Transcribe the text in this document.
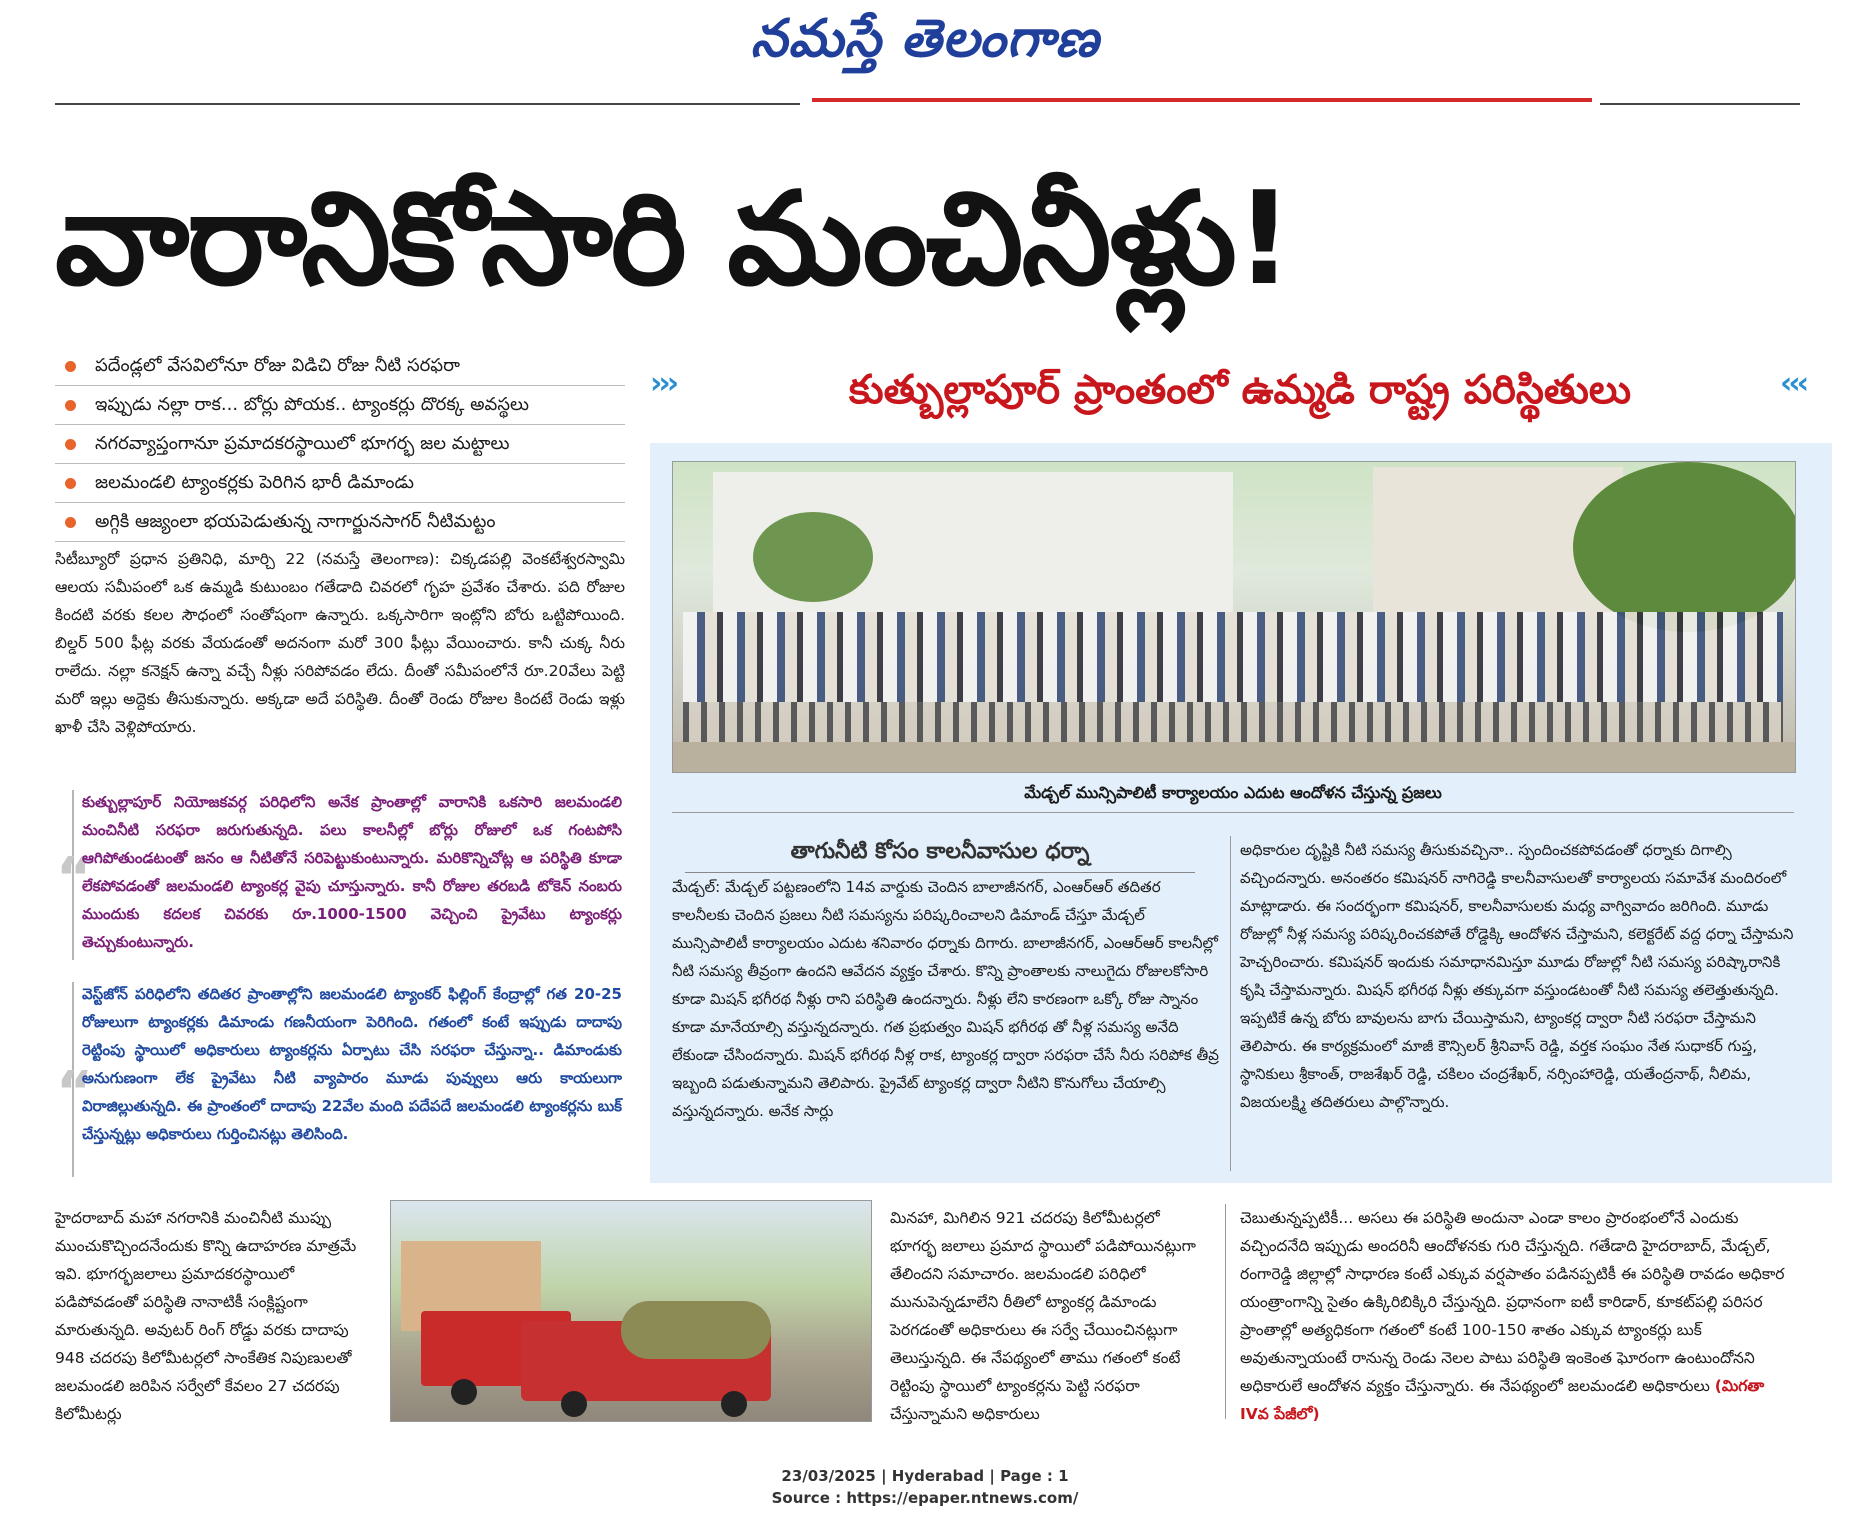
నమస్తే తెలంగాణ
వారానికోసారి మంచినీళ్లు!
పదేండ్లలో వేసవిలోనూ రోజు విడిచి రోజు నీటి సరఫరా
ఇప్పుడు నల్లా రాక... బోర్లు పోయక.. ట్యాంకర్లు దొరక్క అవస్థలు
నగరవ్యాప్తంగానూ ప్రమాదకరస్థాయిలో భూగర్భ జల మట్టాలు
జలమండలి ట్యాంకర్లకు పెరిగిన భారీ డిమాండు
అగ్గికి ఆజ్యంలా భయపెడుతున్న నాగార్జునసాగర్ నీటిమట్టం
›››	కుత్బుల్లాపూర్ ప్రాంతంలో ఉమ్మడి రాష్ట్ర పరిస్థితులు	‹‹‹
సిటీబ్యూరో ప్రధాన ప్రతినిధి, మార్చి 22 (నమస్తే తెలంగాణ): చిక్కడపల్లి వెంకటేశ్వరస్వామి ఆలయ సమీపంలో ఒక ఉమ్మడి కుటుంబం గతేడాది చివరలో గృహ ప్రవేశం చేశారు. పది రోజుల కిందటి వరకు కలల సౌధంలో సంతోషంగా ఉన్నారు. ఒక్కసారిగా ఇంట్లోని బోరు ఒట్టిపోయింది. బిల్డర్ 500 ఫీట్ల వరకు వేయడంతో అదనంగా మరో 300 ఫీట్లు వేయించారు. కానీ చుక్క నీరు రాలేదు. నల్లా కనెక్షన్ ఉన్నా వచ్చే నీళ్లు సరిపోవడం లేదు. దీంతో సమీపంలోనే రూ.20వేలు పెట్టి మరో ఇల్లు అద్దెకు తీసుకున్నారు. అక్కడా అదే పరిస్థితి. దీంతో రెండు రోజుల కిందటే రెండు ఇళ్లు ఖాళీ చేసి వెళ్లిపోయారు.
“
కుత్బుల్లాపూర్ నియోజకవర్గ పరిధిలోని అనేక ప్రాంతాల్లో వారానికి ఒకసారి జలమండలి మంచినీటి సరఫరా జరుగుతున్నది. పలు కాలనీల్లో బోర్లు రోజులో ఒక గంటపోసి ఆగిపోతుండటంతో జనం ఆ నీటితోనే సరిపెట్టుకుంటున్నారు. మరికొన్నిచోట్ల ఆ పరిస్థితి కూడా లేకపోవడంతో జలమండలి ట్యాంకర్ల వైపు చూస్తున్నారు. కానీ రోజుల తరబడి టోకెన్ నంబరు ముందుకు కదలక చివరకు రూ.1000-1500 వెచ్చించి ప్రైవేటు ట్యాంకర్లు తెచ్చుకుంటున్నారు.
“
వెస్ట్‌జోన్ పరిధిలోని తదితర ప్రాంతాల్లోని జలమండలి ట్యాంకర్ ఫిల్లింగ్ కేంద్రాల్లో గత 20-25 రోజులుగా ట్యాంకర్లకు డిమాండు గణనీయంగా పెరిగింది. గతంలో కంటే ఇప్పుడు దాదాపు రెట్టింపు స్థాయిలో అధికారులు ట్యాంకర్లను ఏర్పాటు చేసి సరఫరా చేస్తున్నా.. డిమాండుకు అనుగుణంగా లేక ప్రైవేటు నీటి వ్యాపారం మూడు పువ్వులు ఆరు కాయలుగా విరాజిల్లుతున్నది. ఈ ప్రాంతంలో దాదాపు 22వేల మంది పదేపదే జలమండలి ట్యాంకర్లను బుక్ చేస్తున్నట్లు అధికారులు గుర్తించినట్లు తెలిసింది.
మేడ్చల్ మున్సిపాలిటీ కార్యాలయం ఎదుట ఆందోళన చేస్తున్న ప్రజలు
తాగునీటి కోసం కాలనీవాసుల ధర్నా
మేడ్చల్: మేడ్చల్ పట్టణంలోని 14వ వార్డుకు చెందిన బాలాజీనగర్, ఎంఆర్ఆర్ తదితర కాలనీలకు చెందిన ప్రజలు నీటి సమస్యను పరిష్కరించాలని డిమాండ్ చేస్తూ మేడ్చల్ మున్సిపాలిటీ కార్యాలయం ఎదుట శనివారం ధర్నాకు దిగారు. బాలాజీనగర్, ఎంఆర్ఆర్ కాలనీల్లో నీటి సమస్య తీవ్రంగా ఉందని ఆవేదన వ్యక్తం చేశారు. కొన్ని ప్రాంతాలకు నాలుగైదు రోజులకోసారి కూడా మిషన్ భగీరథ నీళ్లు రాని పరిస్థితి ఉందన్నారు. నీళ్లు లేని కారణంగా ఒక్కో రోజు స్నానం కూడా మానేయాల్సి వస్తున్నదన్నారు. గత ప్రభుత్వం మిషన్ భగీరథ తో నీళ్ల సమస్య అనేది లేకుండా చేసిందన్నారు. మిషన్ భగీరథ నీళ్ల రాక, ట్యాంకర్ల ద్వారా సరఫరా చేసే నీరు సరిపోక తీవ్ర ఇబ్బంది పడుతున్నామని తెలిపారు. ప్రైవేట్ ట్యాంకర్ల ద్వారా నీటిని కొనుగోలు చేయాల్సి వస్తున్నదన్నారు. అనేక సార్లు
అధికారుల దృష్టికి నీటి సమస్య తీసుకువచ్చినా.. స్పందించకపోవడంతో ధర్నాకు దిగాల్సి వచ్చిందన్నారు. అనంతరం కమిషనర్ నాగిరెడ్డి కాలనీవాసులతో కార్యాలయ సమావేశ మందిరంలో మాట్లాడారు. ఈ సందర్భంగా కమిషనర్, కాలనీవాసులకు మధ్య వాగ్వివాదం జరిగింది. మూడు రోజుల్లో నీళ్ల సమస్య పరిష్కరించకపోతే రోడ్డెక్కి ఆందోళన చేస్తామని, కలెక్టరేట్ వద్ద ధర్నా చేస్తామని హెచ్చరించారు. కమిషనర్ ఇందుకు సమాధానమిస్తూ మూడు రోజుల్లో నీటి సమస్య పరిష్కారానికి కృషి చేస్తామన్నారు. మిషన్ భగీరథ నీళ్లు తక్కువగా వస్తుండటంతో నీటి సమస్య తలెత్తుతున్నది. ఇప్పటికే ఉన్న బోరు బావులను బాగు చేయిస్తామని, ట్యాంకర్ల ద్వారా నీటి సరఫరా చేస్తామని తెలిపారు. ఈ కార్యక్రమంలో మాజీ కౌన్సిలర్ శ్రీనివాస్ రెడ్డి, వర్తక సంఘం నేత సుధాకర్ గుప్త, స్థానికులు శ్రీకాంత్, రాజశేఖర్ రెడ్డి, చకిలం చంద్రశేఖర్, నర్సింహారెడ్డి, యతేంద్రనాథ్, నీలిమ, విజయలక్ష్మి తదితరులు పాల్గొన్నారు.
హైదరాబాద్ మహా నగరానికి మంచినీటి ముప్పు ముంచుకొచ్చిందనేందుకు కొన్ని ఉదాహరణ మాత్రమే ఇవి. భూగర్భజలాలు ప్రమాదకరస్థాయిలో పడిపోవడంతో పరిస్థితి నానాటికీ సంక్లిష్టంగా మారుతున్నది. అవుటర్ రింగ్ రోడ్డు వరకు దాదాపు 948 చదరపు కిలోమీటర్లలో సాంకేతిక నిపుణులతో జలమండలి జరిపిన సర్వేలో కేవలం 27 చదరపు కిలోమీటర్లు
మినహా, మిగిలిన 921 చదరపు కిలోమీటర్లలో భూగర్భ జలాలు ప్రమాద స్థాయిలో పడిపోయినట్లుగా తేలిందని సమాచారం. జలమండలి పరిధిలో మునుపెన్నడూలేని రీతిలో ట్యాంకర్ల డిమాండు పెరగడంతో అధికారులు ఈ సర్వే చేయించినట్లుగా తెలుస్తున్నది. ఈ నేపథ్యంలో తాము గతంలో కంటే రెట్టింపు స్థాయిలో ట్యాంకర్లను పెట్టి సరఫరా చేస్తున్నామని అధికారులు
చెబుతున్నప్పటికీ... అసలు ఈ పరిస్థితి అందునా ఎండా కాలం ప్రారంభంలోనే ఎందుకు వచ్చిందనేది ఇప్పుడు అందరినీ ఆందోళనకు గురి చేస్తున్నది. గతేడాది హైదరాబాద్, మేడ్చల్, రంగారెడ్డి జిల్లాల్లో సాధారణ కంటే ఎక్కువ వర్షపాతం పడినప్పటికీ ఈ పరిస్థితి రావడం అధికార యంత్రాంగాన్ని సైతం ఉక్కిరిబిక్కిరి చేస్తున్నది. ప్రధానంగా ఐటీ కారిడార్, కూకట్‌పల్లి పరిసర ప్రాంతాల్లో అత్యధికంగా గతంలో కంటే 100-150 శాతం ఎక్కువ ట్యాంకర్లు బుక్ అవుతున్నాయంటే రానున్న రెండు నెలల పాటు పరిస్థితి ఇంకెంత ఘోరంగా ఉంటుందోనని అధికారులే ఆందోళన వ్యక్తం చేస్తున్నారు. ఈ నేపథ్యంలో జలమండలి అధికారులు (మిగతా IVవ పేజీలో)
23/03/2025 | Hyderabad | Page : 1
Source : https://epaper.ntnews.com/
